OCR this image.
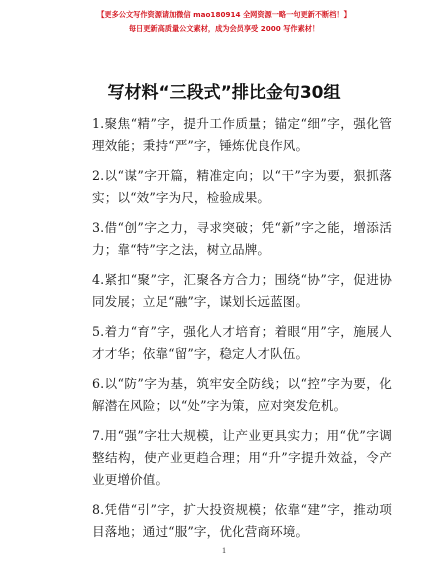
【更多公文写作资源请加微信 mao180914 全网资源一略一句更新不断档！】
每日更新高质量公文素材，成为会员享受 2000 写作素材！
写材料“三段式”排比金句30组

1.聚焦“精”字，提升工作质量；锚定“细”字，强化管理效能；秉持“严”字，锤炼优良作风。

2.以“谋”字开篇，精准定向；以“干”字为要，狠抓落实；以“效”字为尺，检验成果。

3.借“创”字之力，寻求突破；凭“新”字之能，增添活力；靠“特”字之法，树立品牌。

4.紧扣“聚”字，汇聚各方合力；围绕“协”字，促进协同发展；立足“融”字，谋划长远蓝图。

5.着力“育”字，强化人才培育；着眼“用”字，施展人才才华；依靠“留”字，稳定人才队伍。

6.以“防”字为基，筑牢安全防线；以“控”字为要，化解潜在风险；以“处”字为策，应对突发危机。

7.用“强”字壮大规模，让产业更具实力；用“优”字调整结构，使产业更趋合理；用“升”字提升效益，令产业更增价值。

8.凭借“引”字，扩大投资规模；依靠“建”字，推动项目落地；通过“服”字，优化营商环境。

1
